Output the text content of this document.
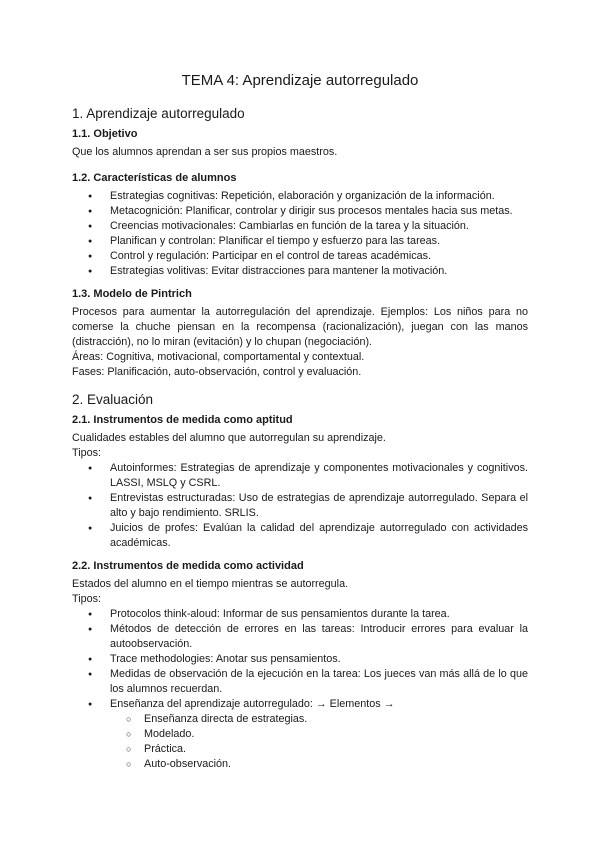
TEMA 4: Aprendizaje autorregulado
1. Aprendizaje autorregulado
1.1. Objetivo

Que los alumnos aprendan a ser sus propios maestros.

1.2. Características de alumnos
● Estrategias cognitivas: Repetición, elaboración y organización de la información.
● Metacognición: Planificar, controlar y dirigir sus procesos mentales hacia sus metas.
● Creencias motivacionales: Cambiarlas en función de la tarea y la situación.
● Planifican y controlan: Planificar el tiempo y esfuerzo para las tareas.
● Control y regulación: Participar en el control de tareas académicas.
● Estrategias volitivas: Evitar distracciones para mantener la motivación.
1.3. Modelo de Pintrich

Procesos para aumentar la autorregulación del aprendizaje. Ejemplos: Los niños para no comerse la chuche piensan en la recompensa (racionalización), juegan con las manos (distracción), no lo miran (evitación) y lo chupan (negociación).

Áreas: Cognitiva, motivacional, comportamental y contextual.

Fases: Planificación, auto-observación, control y evaluación.

2. Evaluación
2.1. Instrumentos de medida como aptitud

Cualidades estables del alumno que autorregulan su aprendizaje.

Tipos:

● Autoinformes: Estrategias de aprendizaje y componentes motivacionales y cognitivos. LASSI, MSLQ y CSRL.
● Entrevistas estructuradas: Uso de estrategias de aprendizaje autorregulado. Separa el alto y bajo rendimiento. SRLIS.
● Juicios de profes: Evalúan la calidad del aprendizaje autorregulado con actividades académicas.
2.2. Instrumentos de medida como actividad

Estados del alumno en el tiempo mientras se autorregula.

Tipos:

● Protocolos think-aloud: Informar de sus pensamientos durante la tarea.
● Métodos de detección de errores en las tareas: Introducir errores para evaluar la autoobservación.
● Trace methodologies: Anotar sus pensamientos.
● Medidas de observación de la ejecución en la tarea: Los jueces van más allá de lo que los alumnos recuerdan.
● Enseñanza del aprendizaje autorregulado: → Elementos →
○ Enseñanza directa de estrategias.
○ Modelado.
○ Práctica.
○ Auto-observación.
